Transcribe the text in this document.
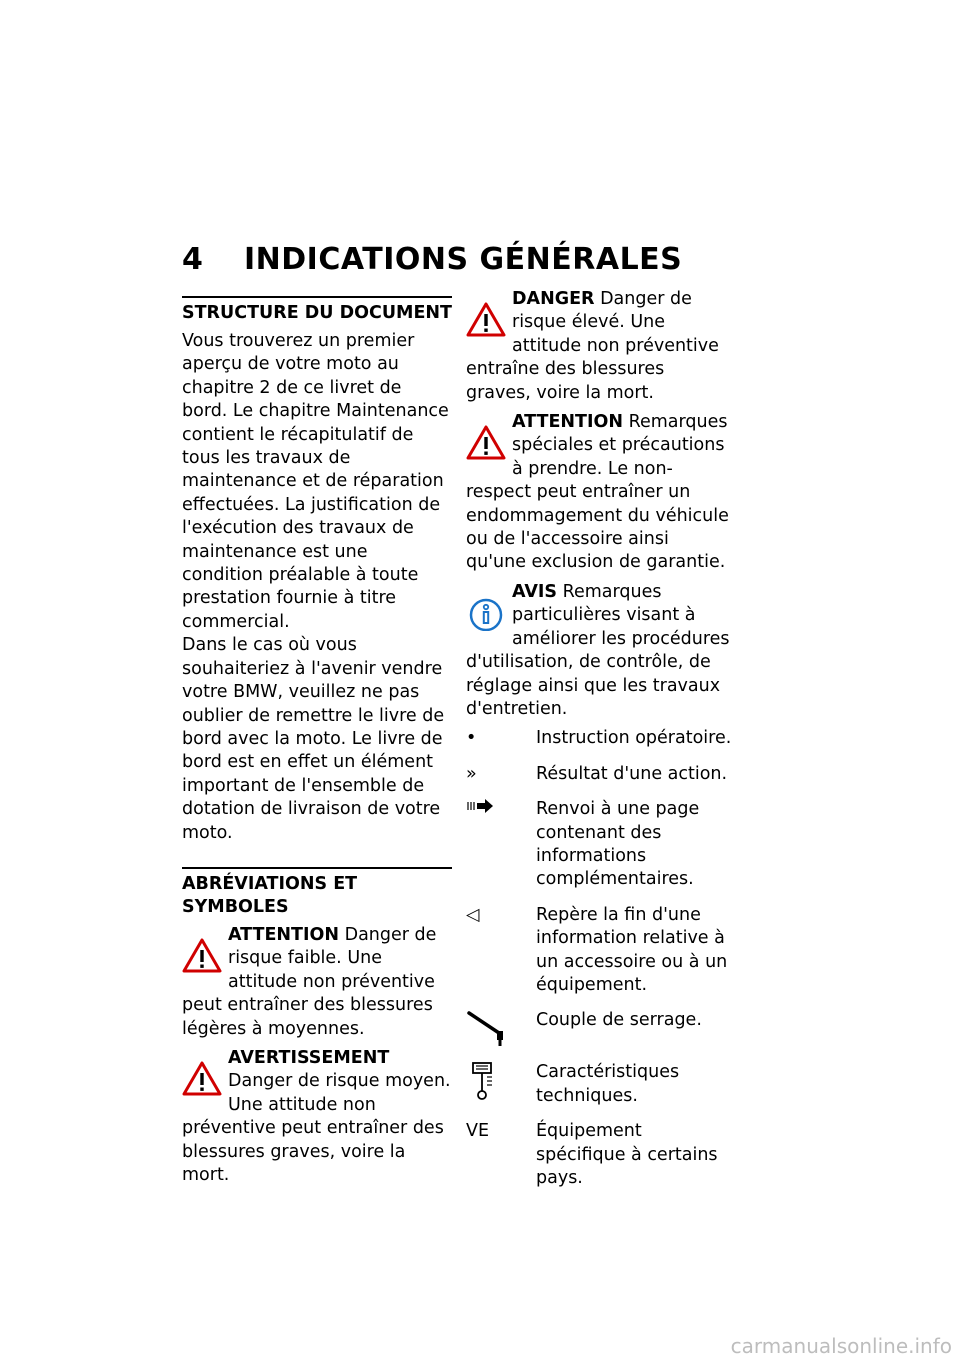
4 INDICATIONS GÉNÉRALES
STRUCTURE DU DOCUMENT

Vous trouverez un premier aperçu de votre moto au chapitre 2 de ce livret de bord. Le chapitre Maintenance contient le récapitulatif de tous les travaux de maintenance et de réparation effectuées. La justification de l'exécution des travaux de maintenance est une condition préalable à toute prestation fournie à titre commercial.

Dans le cas où vous souhaiteriez à l'avenir vendre votre BMW, veuillez ne pas oublier de remettre le livre de bord avec la moto. Le livre de bord est en effet un élément important de l'ensemble de dotation de livraison de votre moto.

ABRÉVIATIONS ET SYMBOLES
ATTENTION Danger de risque faible. Une attitude non préventive peut entraîner des blessures légères à moyennes.
AVERTISSEMENT Danger de risque moyen. Une attitude non préventive peut entraîner des blessures graves, voire la mort.
DANGER Danger de risque élevé. Une attitude non préventive entraîne des blessures graves, voire la mort.
ATTENTION Remarques spéciales et précautions à prendre. Le non-respect peut entraîner un endommagement du véhicule ou de l'accessoire ainsi qu'une exclusion de garantie.
AVIS Remarques particulières visant à améliorer les procédures d'utilisation, de contrôle, de réglage ainsi que les travaux d'entretien.
•	Instruction opératoire.
»	Résultat d'une action.
Renvoi à une page contenant des informations complémentaires.
◁	Repère la fin d'une information relative à un accessoire ou à un équipement.
Couple de serrage.
Caractéristiques techniques.
VE	Équipement spécifique à certains pays.
carmanualsonline.info
